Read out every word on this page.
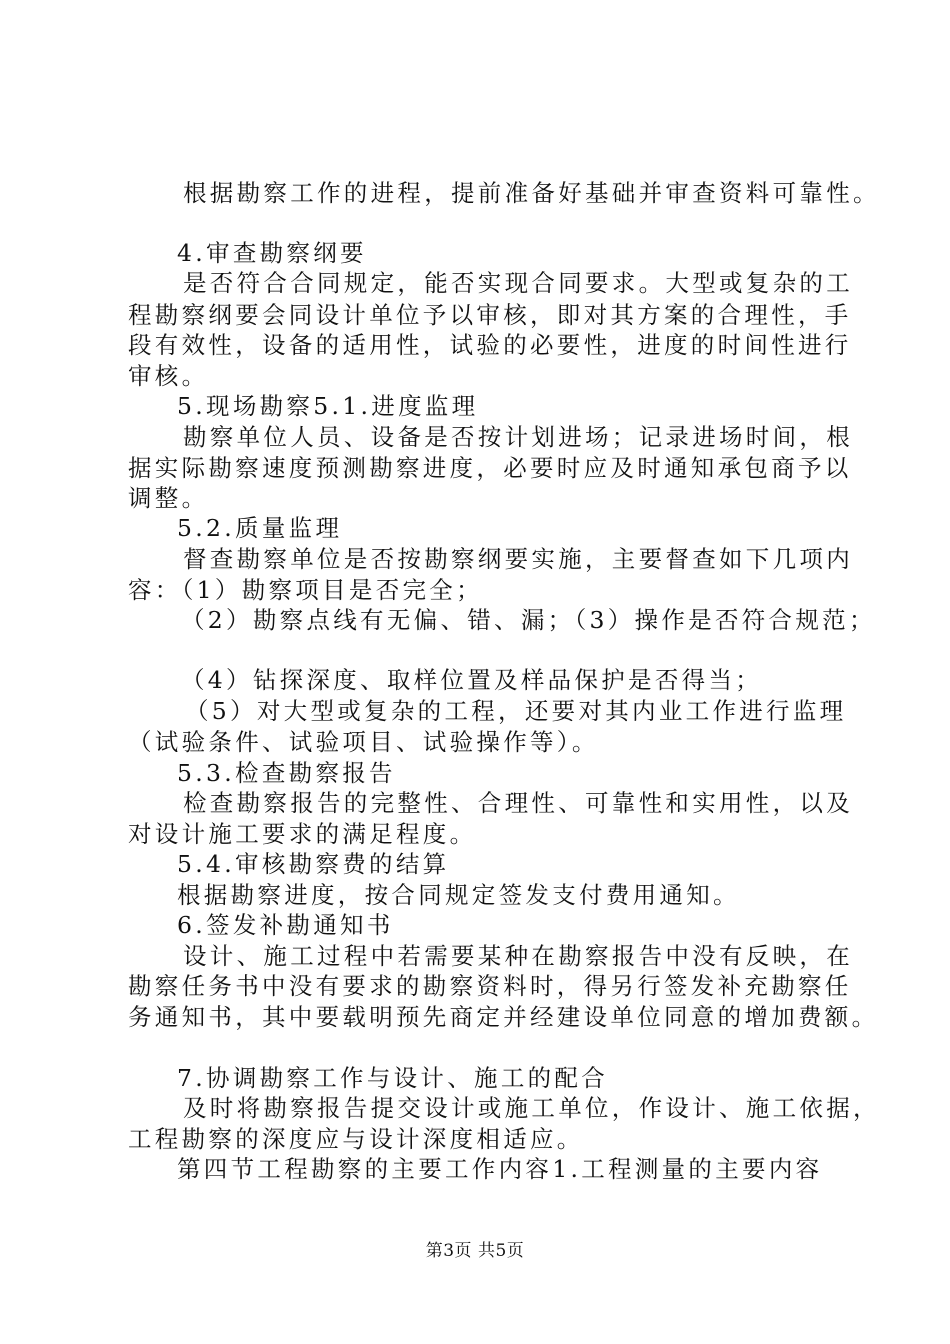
根据勘察工作的进程，提前准备好基础并审查资料可靠性。

4.审查勘察纲要

是否符合合同规定，能否实现合同要求。大型或复杂的工

程勘察纲要会同设计单位予以审核，即对其方案的合理性，手

段有效性，设备的适用性，试验的必要性，进度的时间性进行

审核。

5.现场勘察5.1.进度监理

勘察单位人员、设备是否按计划进场；记录进场时间，根

据实际勘察速度预测勘察进度，必要时应及时通知承包商予以

调整。

5.2.质量监理

督查勘察单位是否按勘察纲要实施，主要督查如下几项内

容：（1）勘察项目是否完全；

（2）勘察点线有无偏、错、漏；（3）操作是否符合规范；

（4）钻探深度、取样位置及样品保护是否得当；

（5）对大型或复杂的工程，还要对其内业工作进行监理

（试验条件、试验项目、试验操作等）。

5.3.检查勘察报告

检查勘察报告的完整性、合理性、可靠性和实用性，以及

对设计施工要求的满足程度。

5.4.审核勘察费的结算

根据勘察进度，按合同规定签发支付费用通知。

6.签发补勘通知书

设计、施工过程中若需要某种在勘察报告中没有反映，在

勘察任务书中没有要求的勘察资料时，得另行签发补充勘察任

务通知书，其中要载明预先商定并经建设单位同意的增加费额。

7.协调勘察工作与设计、施工的配合

及时将勘察报告提交设计或施工单位，作设计、施工依据，

工程勘察的深度应与设计深度相适应。

第四节工程勘察的主要工作内容1.工程测量的主要内容

第3页 共5页
